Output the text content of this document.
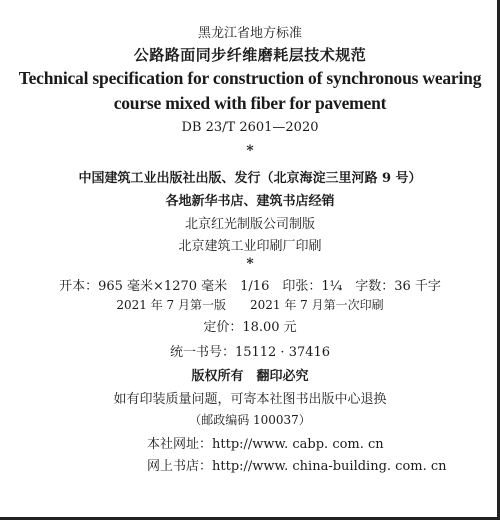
黑龙江省地方标准
公路路面同步纤维磨耗层技术规范
Technical specification for construction of synchronous wearing
course mixed with fiber for pavement
DB 23/T 2601—2020
*
中国建筑工业出版社出版、发行（北京海淀三里河路 9 号）
各地新华书店、建筑书店经销
北京红光制版公司制版
北京建筑工业印刷厂印刷
*
开本：965 毫米×1270 毫米　1/16　印张：1¼　字数：36 千字
2021 年 7 月第一版　　2021 年 7 月第一次印刷
定价：18.00 元
统一书号：15112 · 37416
版权所有　翻印必究
如有印装质量问题，可寄本社图书出版中心退换
（邮政编码 100037）
本社网址：http://www. cabp. com. cn
网上书店：http://www. china-building. com. cn
